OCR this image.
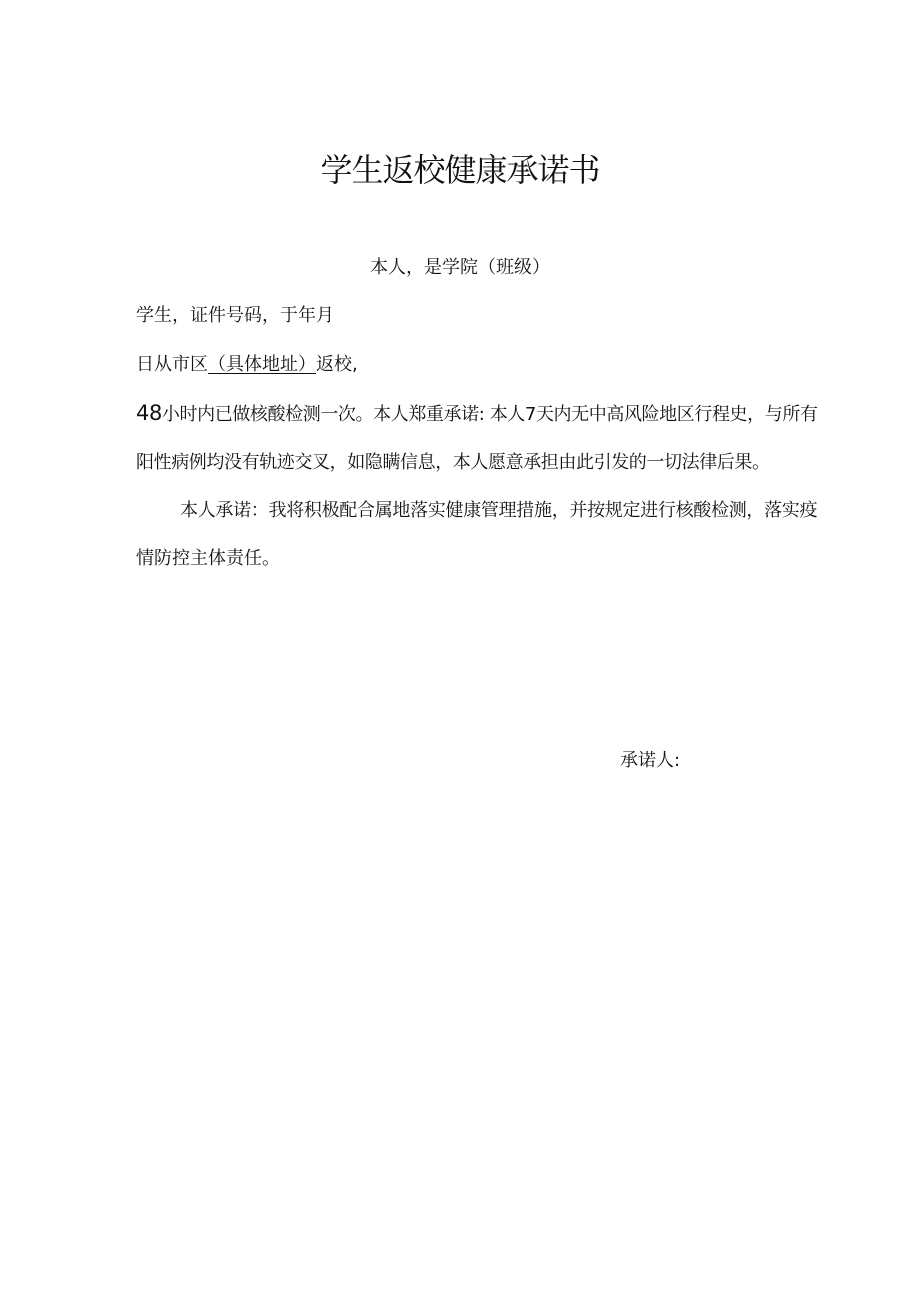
学生返校健康承诺书
本人，是学院（班级）
学生，证件号码，于年月
日从市区（具体地址）返校,
48小时内已做核酸检测一次。本人郑重承诺: 本人7天内无中高风险地区行程史，与所有
阳性病例均没有轨迹交叉，如隐瞒信息，本人愿意承担由此引发的一切法律后果。
本人承诺：我将积极配合属地落实健康管理措施，并按规定进行核酸检测，落实疫
情防控主体责任。
承诺人:
